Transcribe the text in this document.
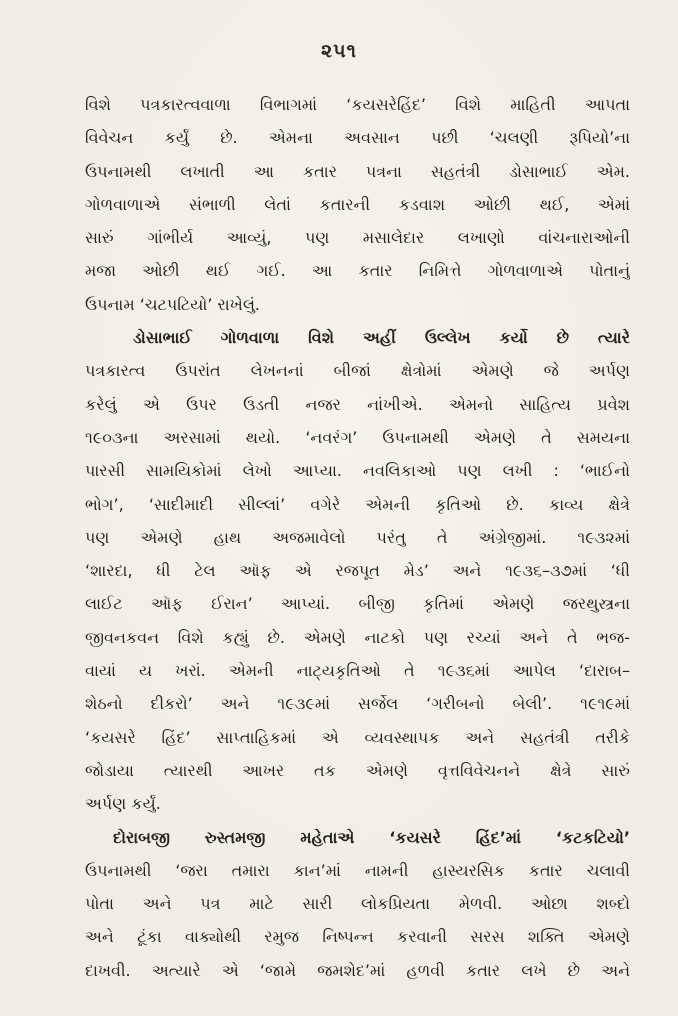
૨૫૧
વિશે પત્રકારત્વવાળા વિભાગમાં ‘કયસરેહિંદ’ વિશે માહિતી આપતા
વિવેચન કર્યું છે. એમના અવસાન પછી ‘ચલણી રૂપિયો’ના
ઉપનામથી લખાતી આ કતાર પત્રના સહતંત્રી ડોસાભાઈ એમ.
ગોળવાળાએ સંભાળી લેતાં કતારની કડવાશ ઓછી થઈ, એમાં
સારું ગાંભીર્ય આવ્યું, પણ મસાલેદાર લખાણો વાંચનારાઓની
મજા ઓછી થઈ ગઈ. આ કતાર નિમિત્તે ગોળવાળાએ પોતાનું
ઉપનામ ‘ચટપટિયો’ રાખેલું.
ડોસાભાઈ ગોળવાળા વિશે અહીં ઉલ્લેખ કર્યો છે ત્યારે
પત્રકારત્વ ઉપરાંત લેખનનાં બીજાં ક્ષેત્રોમાં એમણે જે અર્પણ
કરેલું એ ઉપર ઉડતી નજર નાંખીએ. એમનો સાહિત્ય પ્રવેશ
૧૯૦૩ના અરસામાં થયો. ‘નવરંગ’ ઉપનામથી એમણે તે સમયના
પારસી સામયિકોમાં લેખો આપ્યા. નવલિકાઓ પણ લખી : ‘ભાઈનો
ભોગ’, ‘સાદીમાદી સીલ્લાં’ વગેરે એમની કૃતિઓ છે. કાવ્ય ક્ષેત્રે
પણ એમણે હાથ અજમાવેલો પરંતુ તે અંગ્રેજીમાં. ૧૯૩૨માં
‘શારદા, ધી ટેલ ઑફ એ રજપૂત મેડ’ અને ૧૯૩૬–૩૭માં ‘ધી
લાઈટ ઑફ ઈરાન’ આપ્યાં. બીજી કૃતિમાં એમણે જરથુસ્ત્રના
જીવનકવન વિશે કહ્યું છે. એમણે નાટકો પણ રચ્યાં અને તે ભજ-
વાયાં ય ખરાં. એમની નાટ્યકૃતિઓ તે ૧૯૩૬માં આપેલ ‘દારાબ–
શેઠનો દીકરો’ અને ૧૯૩૯માં સર્જેલ ‘ગરીબનો બેલી’. ૧૯૧૯માં
‘કયસરે હિંદ’ સાપ્તાહિકમાં એ વ્યવસ્થાપક અને સહતંત્રી તરીકે
જોડાયા ત્યારથી આખર તક એમણે વૃત્તવિવેચનને ક્ષેત્રે સારું
અર્પણ કર્યું.
દોરાબજી રુસ્તમજી મહેતાએ ‘કયસરે હિંદ’માં ‘કટકટિયો’
ઉપનામથી ‘જરા તમારા કાન’માં નામની હાસ્યરસિક કતાર ચલાવી
પોતા અને પત્ર માટે સારી લોકપ્રિયતા મેળવી. ઓછા શબ્દો
અને ટૂંકા વાક્યોથી રમુજ નિષ્પન્ન કરવાની સરસ શક્તિ એમણે
દાખવી. અત્યારે એ ‘જામે જમશેદ’માં હળવી કતાર લખે છે અને
